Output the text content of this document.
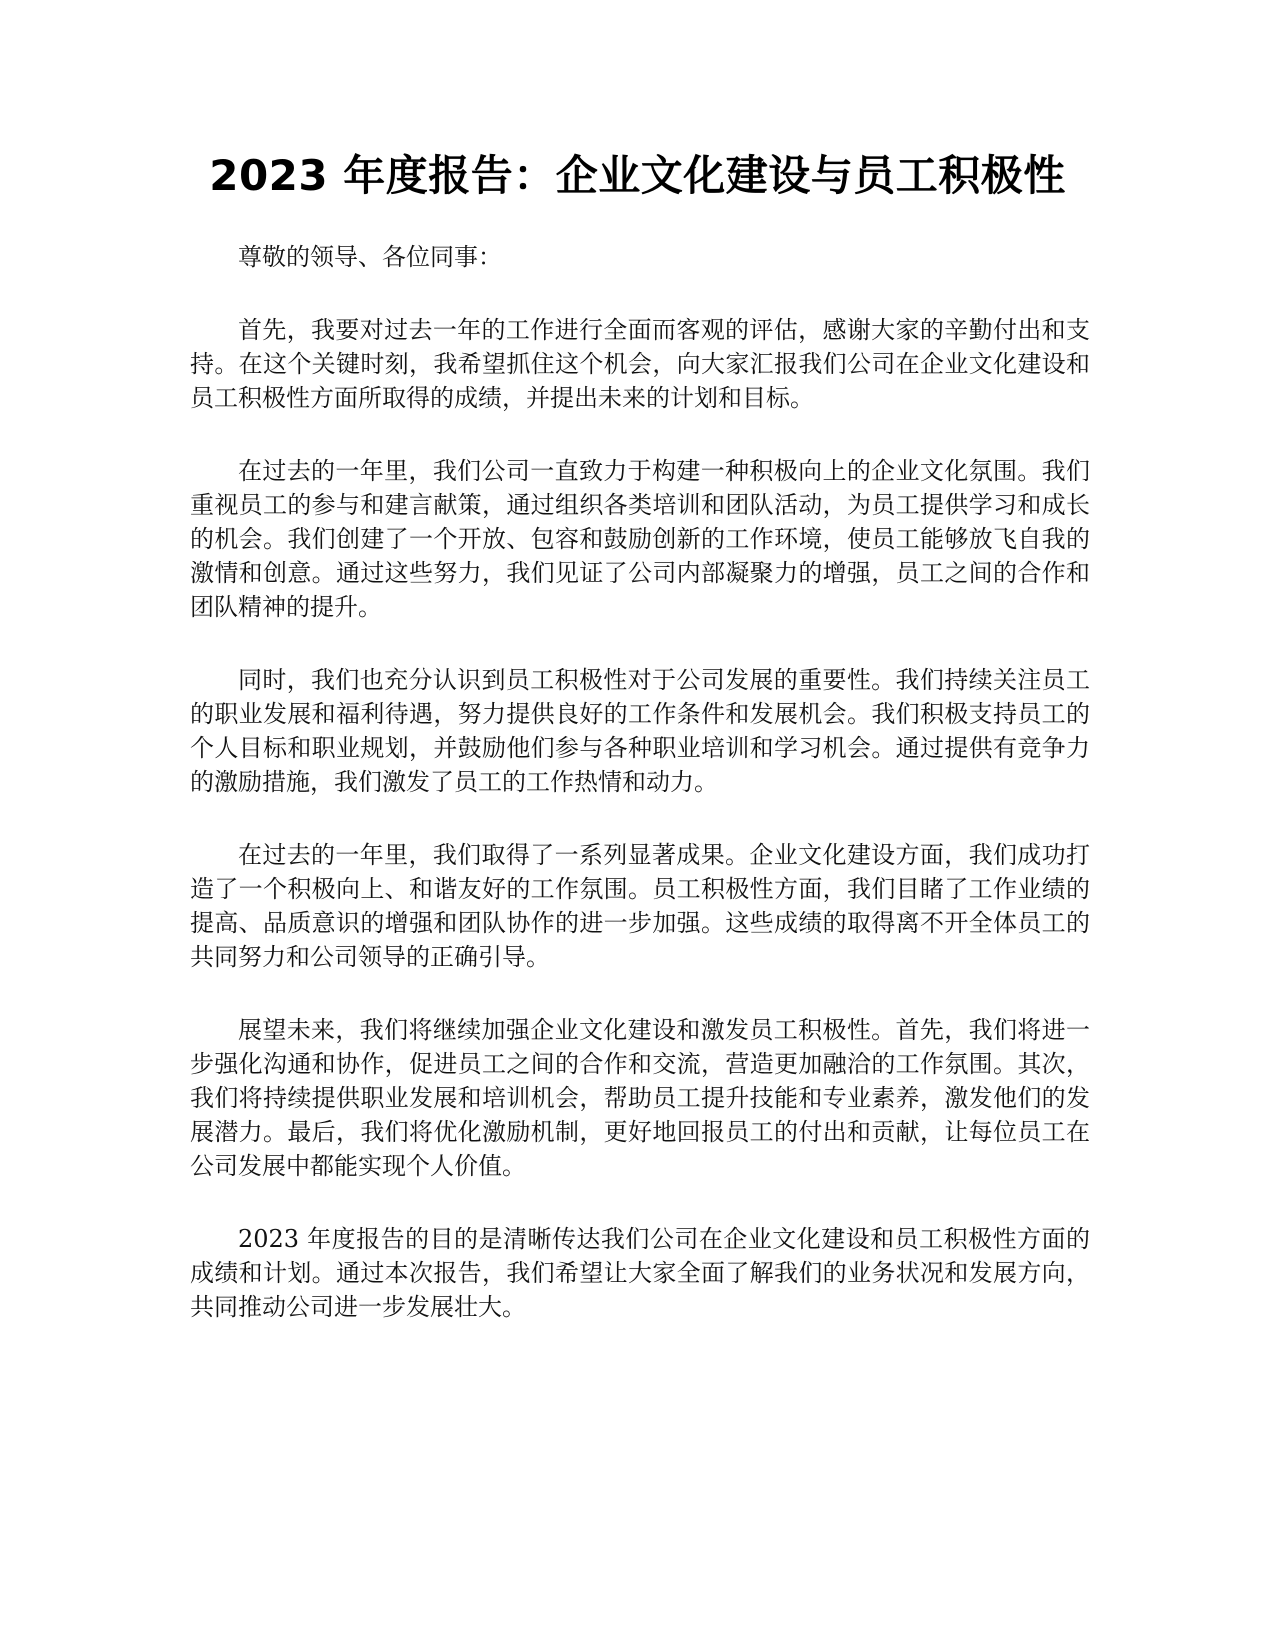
2023 年度报告：企业文化建设与员工积极性

尊敬的领导、各位同事：

首先，我要对过去一年的工作进行全面而客观的评估，感谢大家的辛勤付出和支持。在这个关键时刻，我希望抓住这个机会，向大家汇报我们公司在企业文化建设和员工积极性方面所取得的成绩，并提出未来的计划和目标。

在过去的一年里，我们公司一直致力于构建一种积极向上的企业文化氛围。我们重视员工的参与和建言献策，通过组织各类培训和团队活动，为员工提供学习和成长的机会。我们创建了一个开放、包容和鼓励创新的工作环境，使员工能够放飞自我的激情和创意。通过这些努力，我们见证了公司内部凝聚力的增强，员工之间的合作和团队精神的提升。

同时，我们也充分认识到员工积极性对于公司发展的重要性。我们持续关注员工的职业发展和福利待遇，努力提供良好的工作条件和发展机会。我们积极支持员工的个人目标和职业规划，并鼓励他们参与各种职业培训和学习机会。通过提供有竞争力的激励措施，我们激发了员工的工作热情和动力。

在过去的一年里，我们取得了一系列显著成果。企业文化建设方面，我们成功打造了一个积极向上、和谐友好的工作氛围。员工积极性方面，我们目睹了工作业绩的提高、品质意识的增强和团队协作的进一步加强。这些成绩的取得离不开全体员工的共同努力和公司领导的正确引导。

展望未来，我们将继续加强企业文化建设和激发员工积极性。首先，我们将进一步强化沟通和协作，促进员工之间的合作和交流，营造更加融洽的工作氛围。其次，我们将持续提供职业发展和培训机会，帮助员工提升技能和专业素养，激发他们的发展潜力。最后，我们将优化激励机制，更好地回报员工的付出和贡献，让每位员工在公司发展中都能实现个人价值。

2023 年度报告的目的是清晰传达我们公司在企业文化建设和员工积极性方面的成绩和计划。通过本次报告，我们希望让大家全面了解我们的业务状况和发展方向，共同推动公司进一步发展壮大。
